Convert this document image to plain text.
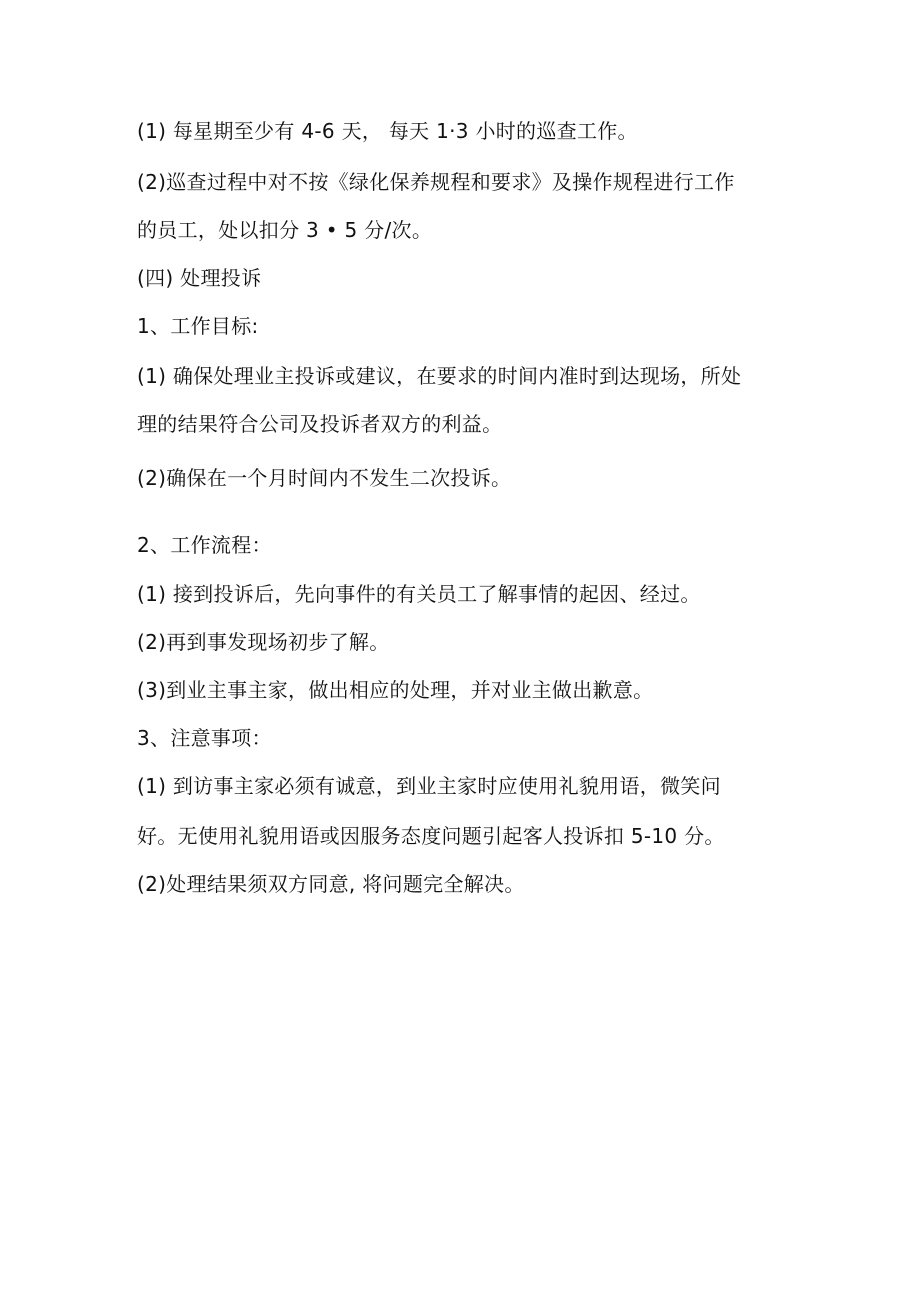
(1) 每星期至少有 4-6 天， 每天 1·3 小时的巡查工作。
(2)巡查过程中对不按《绿化保养规程和要求》及操作规程进行工作
的员工，处以扣分 3 • 5 分/次。
(四) 处理投诉
1、工作目标:
(1) 确保处理业主投诉或建议，在要求的时间内准时到达现场，所处
理的结果符合公司及投诉者双方的利益。
(2)确保在一个月时间内不发生二次投诉。
2、工作流程：
(1) 接到投诉后，先向事件的有关员工了解事情的起因、经过。
(2)再到事发现场初步了解。
(3)到业主事主家，做出相应的处理，并对业主做出歉意。
3、注意事项：
(1) 到访事主家必须有诚意，到业主家时应使用礼貌用语，微笑问
好。无使用礼貌用语或因服务态度问题引起客人投诉扣 5-10 分。
(2)处理结果须双方同意, 将问题完全解决。
